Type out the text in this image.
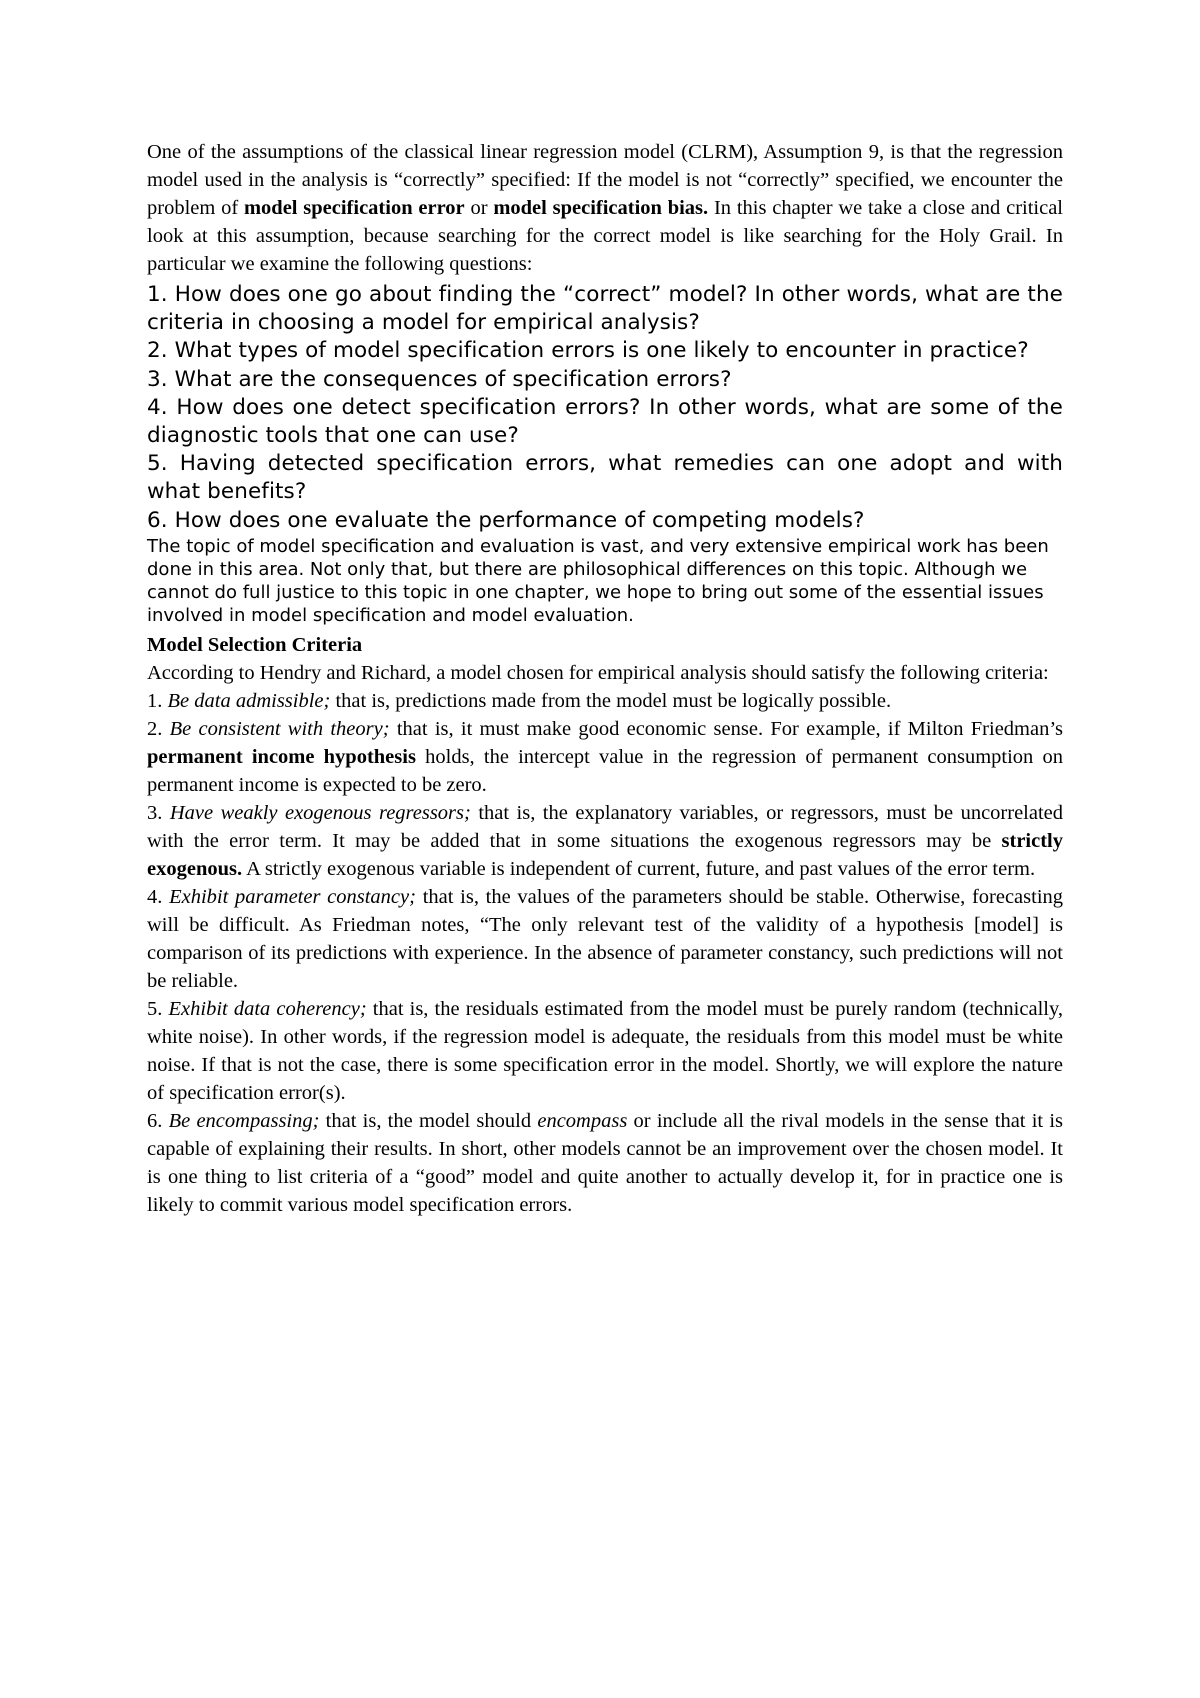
One of the assumptions of the classical linear regression model (CLRM), Assumption 9, is that the regression model used in the analysis is “correctly” specified: If the model is not “correctly” specified, we encounter the problem of model specification error or model specification bias. In this chapter we take a close and critical look at this assumption, because searching for the correct model is like searching for the Holy Grail. In particular we examine the following questions:

1. How does one go about finding the “correct” model? In other words, what are the criteria in choosing a model for empirical analysis?

2. What types of model specification errors is one likely to encounter in practice?

3. What are the consequences of specification errors?

4. How does one detect specification errors? In other words, what are some of the diagnostic tools that one can use?

5. Having detected specification errors, what remedies can one adopt and with what benefits?

6. How does one evaluate the performance of competing models?

The topic of model specification and evaluation is vast, and very extensive empirical work has been done in this area. Not only that, but there are philosophical differences on this topic. Although we cannot do full justice to this topic in one chapter, we hope to bring out some of the essential issues involved in model specification and model evaluation.

Model Selection Criteria

According to Hendry and Richard, a model chosen for empirical analysis should satisfy the following criteria:

1. Be data admissible; that is, predictions made from the model must be logically possible.

2. Be consistent with theory; that is, it must make good economic sense. For example, if Milton Friedman’s permanent income hypothesis holds, the intercept value in the regression of permanent consumption on permanent income is expected to be zero.

3. Have weakly exogenous regressors; that is, the explanatory variables, or regressors, must be uncorrelated with the error term. It may be added that in some situations the exogenous regressors may be strictly exogenous. A strictly exogenous variable is independent of current, future, and past values of the error term.

4. Exhibit parameter constancy; that is, the values of the parameters should be stable. Otherwise, forecasting will be difficult. As Friedman notes, “The only relevant test of the validity of a hypothesis [model] is comparison of its predictions with experience. In the absence of parameter constancy, such predictions will not be reliable.

5. Exhibit data coherency; that is, the residuals estimated from the model must be purely random (technically, white noise). In other words, if the regression model is adequate, the residuals from this model must be white noise. If that is not the case, there is some specification error in the model. Shortly, we will explore the nature of specification error(s).

6. Be encompassing; that is, the model should encompass or include all the rival models in the sense that it is capable of explaining their results. In short, other models cannot be an improvement over the chosen model. It is one thing to list criteria of a “good” model and quite another to actually develop it, for in practice one is likely to commit various model specification errors.
